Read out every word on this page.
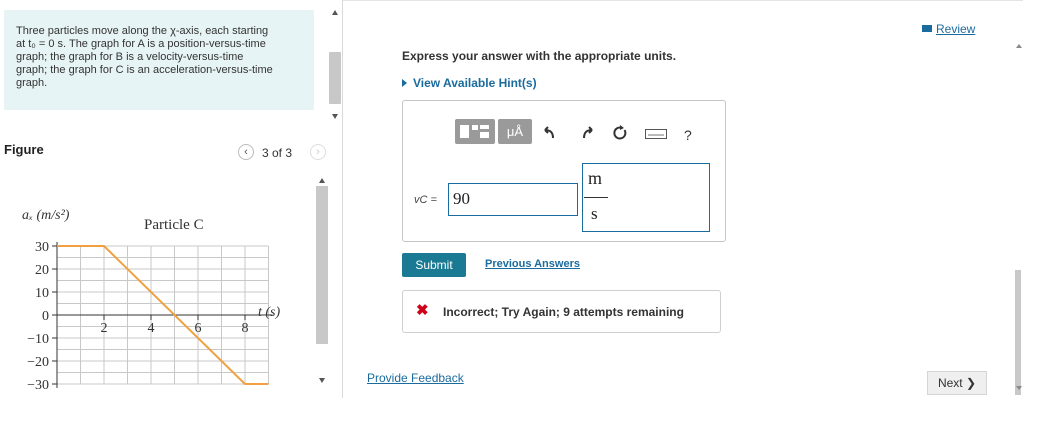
Three particles move along the χ-axis, each starting

at t₀ = 0 s. The graph for A is a position-versus-time

graph; the graph for B is a velocity-versus-time

graph; the graph for C is an acceleration-versus-time

graph.

Figure	‹	3 of 3	›
30
20
10
0
−10
−20
−30
2	4	6	8
aₓ (m/s²)
Particle C
t (s)
Review
Express your answer with the appropriate units.
View Available Hint(s)
μÅ	?
vC = 90
m
s
Submit	Previous Answers
✖ Incorrect; Try Again; 9 attempts remaining
Provide Feedback	Next ❯
